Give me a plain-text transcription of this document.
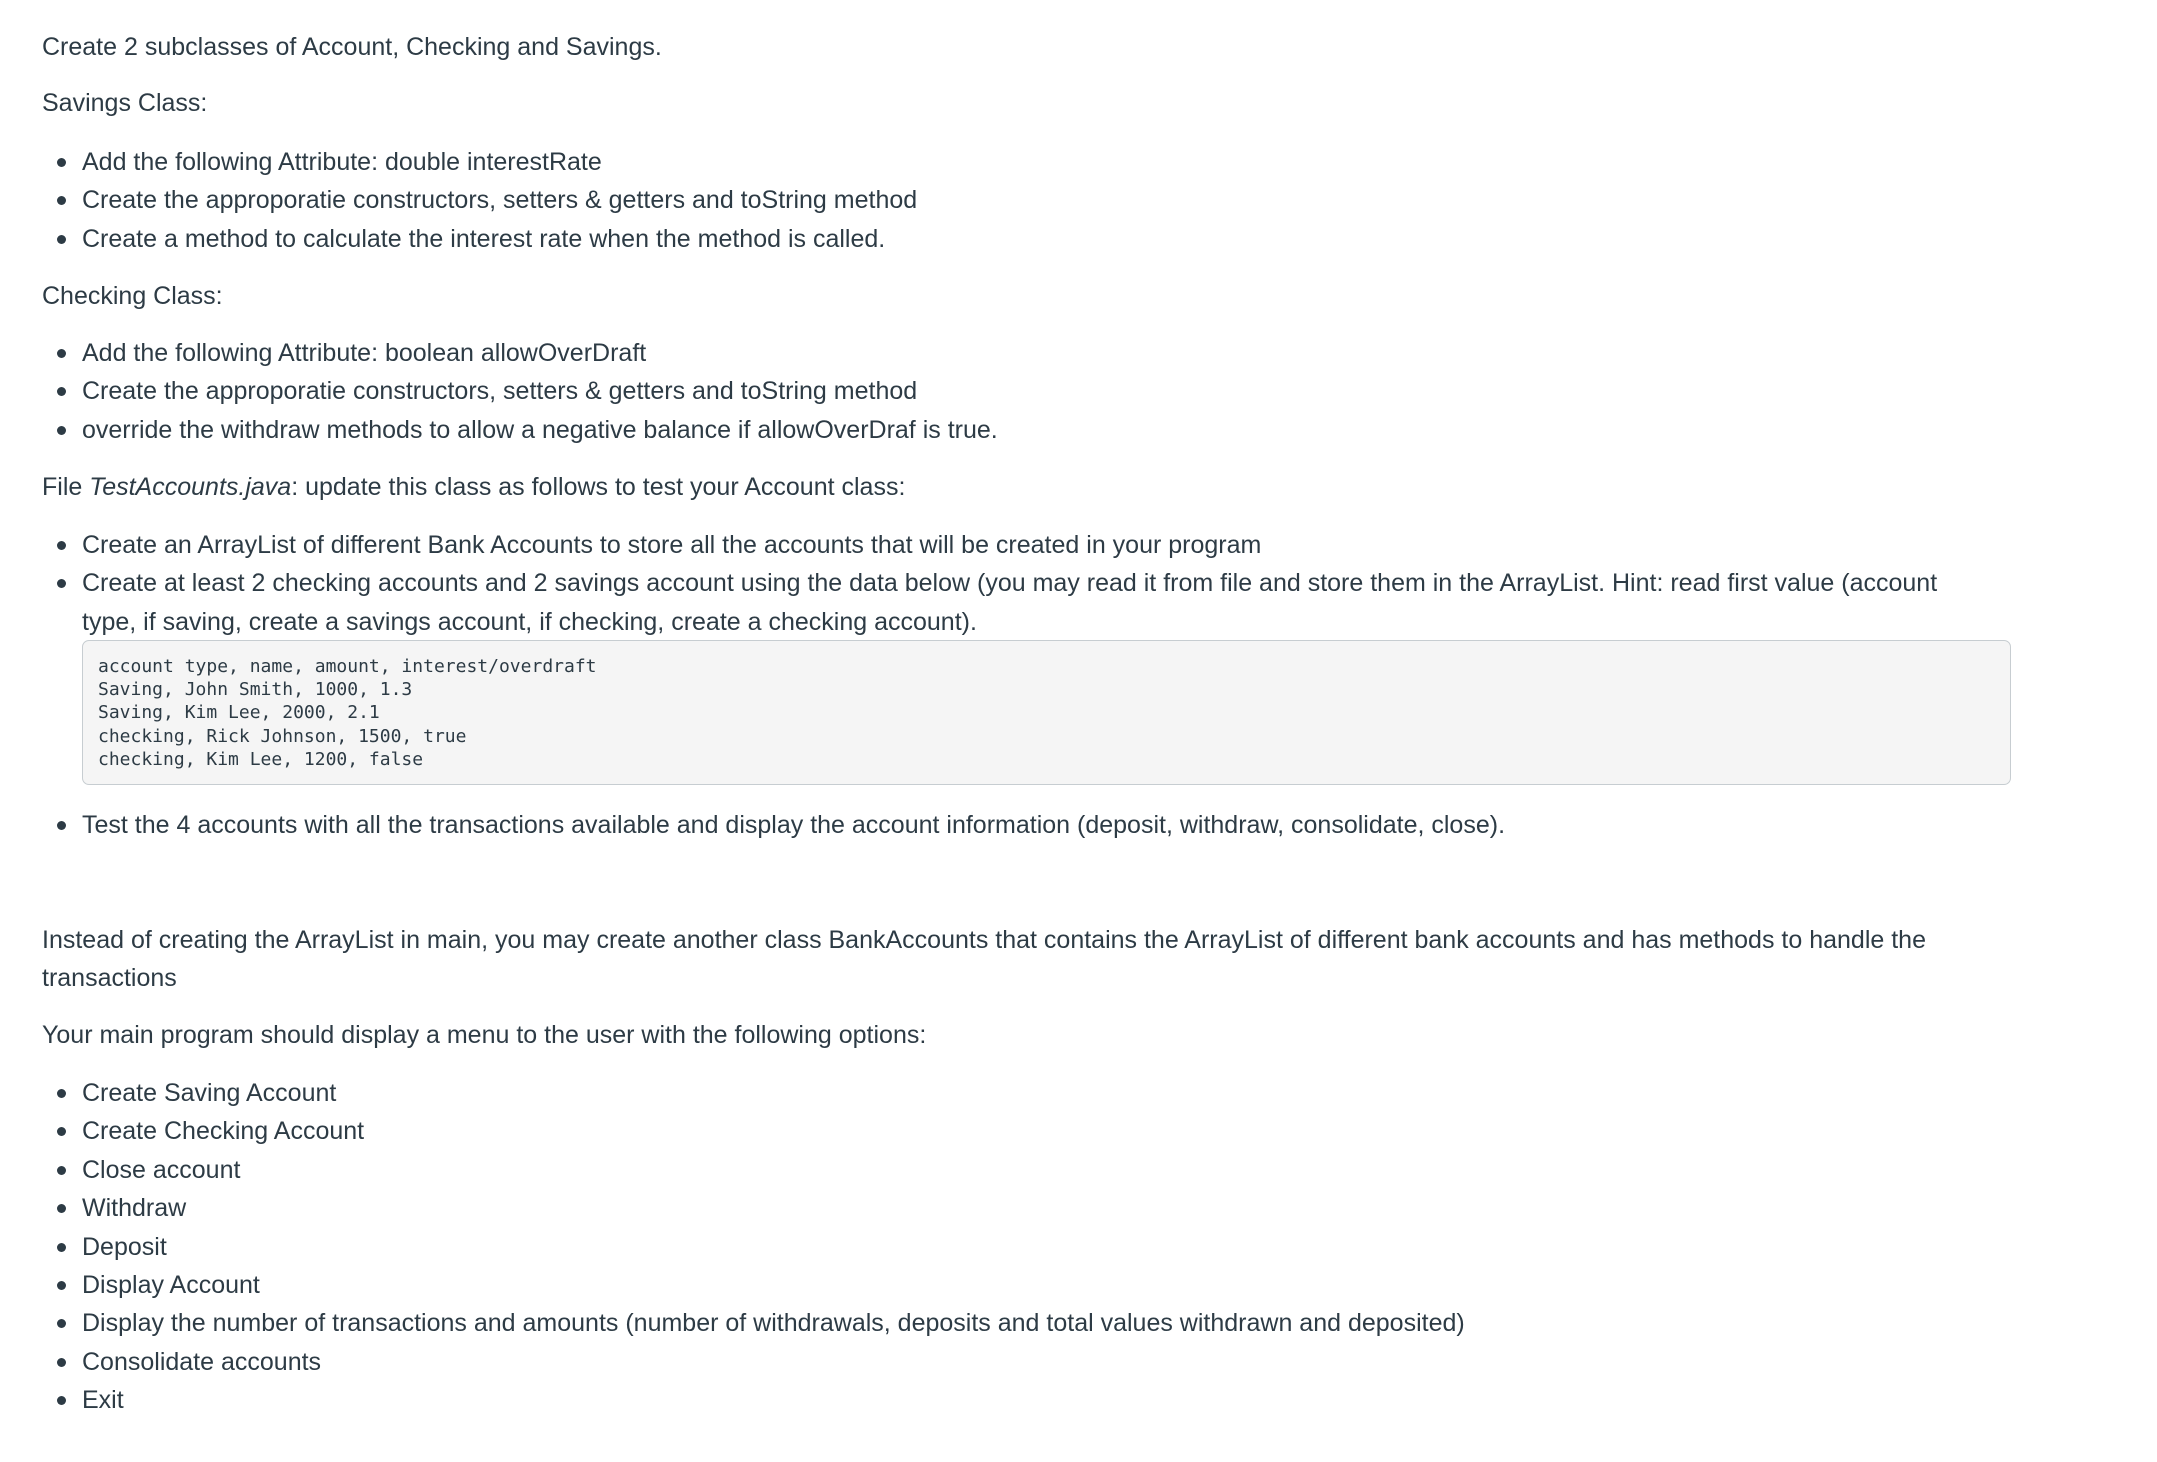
Create 2 subclasses of Account, Checking and Savings.

Savings Class:

Add the following Attribute: double interestRate
Create the approporatie constructors, setters & getters and toString method
Create a method to calculate the interest rate when the method is called.

Checking Class:

Add the following Attribute: boolean allowOverDraft
Create the approporatie constructors, setters & getters and toString method
override the withdraw methods to allow a negative balance if allowOverDraf is true.

File TestAccounts.java: update this class as follows to test your Account class:

Create an ArrayList of different Bank Accounts to store all the accounts that will be created in your program
Create at least 2 checking accounts and 2 savings account using the data below (you may read it from file and store them in the ArrayList. Hint: read first value (account
type, if saving, create a savings account, if checking, create a checking account).
account type, name, amount, interest/overdraft
Saving, John Smith, 1000, 1.3
Saving, Kim Lee, 2000, 2.1
checking, Rick Johnson, 1500, true
checking, Kim Lee, 1200, false
Test the 4 accounts with all the transactions available and display the account information (deposit, withdraw, consolidate, close).

Instead of creating the ArrayList in main, you may create another class BankAccounts that contains the ArrayList of different bank accounts and has methods to handle the

transactions

Your main program should display a menu to the user with the following options:

Create Saving Account
Create Checking Account
Close account
Withdraw
Deposit
Display Account
Display the number of transactions and amounts (number of withdrawals, deposits and total values withdrawn and deposited)
Consolidate accounts
Exit
